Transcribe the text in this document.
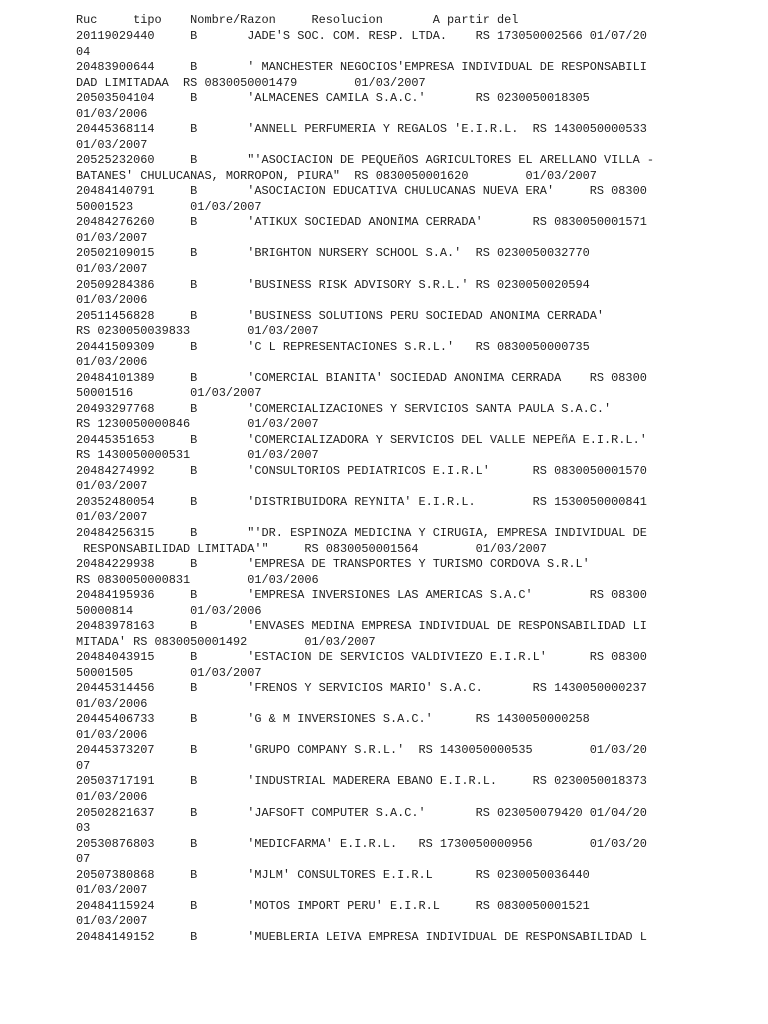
Ruc     tipo    Nombre/Razon     Resolucion       A partir del
20119029440     B       JADE'S SOC. COM. RESP. LTDA.    RS 173050002566 01/07/20
04
20483900644     B       ' MANCHESTER NEGOCIOS'EMPRESA INDIVIDUAL DE RESPONSABILI
DAD LIMITADAA  RS 0830050001479        01/03/2007
20503504104     B       'ALMACENES CAMILA S.A.C.'       RS 0230050018305
01/03/2006
20445368114     B       'ANNELL PERFUMERIA Y REGALOS 'E.I.R.L.  RS 1430050000533
01/03/2007
20525232060     B       "'ASOCIACION DE PEQUEñOS AGRICULTORES EL ARELLANO VILLA -
BATANES' CHULUCANAS, MORROPON, PIURA"  RS 0830050001620        01/03/2007
20484140791     B       'ASOCIACION EDUCATIVA CHULUCANAS NUEVA ERA'     RS 08300
50001523        01/03/2007
20484276260     B       'ATIKUX SOCIEDAD ANONIMA CERRADA'       RS 0830050001571
01/03/2007
20502109015     B       'BRIGHTON NURSERY SCHOOL S.A.'  RS 0230050032770
01/03/2007
20509284386     B       'BUSINESS RISK ADVISORY S.R.L.' RS 0230050020594
01/03/2006
20511456828     B       'BUSINESS SOLUTIONS PERU SOCIEDAD ANONIMA CERRADA'
RS 0230050039833        01/03/2007
20441509309     B       'C L REPRESENTACIONES S.R.L.'   RS 0830050000735
01/03/2006
20484101389     B       'COMERCIAL BIANITA' SOCIEDAD ANONIMA CERRADA    RS 08300
50001516        01/03/2007
20493297768     B       'COMERCIALIZACIONES Y SERVICIOS SANTA PAULA S.A.C.'
RS 1230050000846        01/03/2007
20445351653     B       'COMERCIALIZADORA Y SERVICIOS DEL VALLE NEPEñA E.I.R.L.'
RS 1430050000531        01/03/2007
20484274992     B       'CONSULTORIOS PEDIATRICOS E.I.R.L'      RS 0830050001570
01/03/2007
20352480054     B       'DISTRIBUIDORA REYNITA' E.I.R.L.        RS 1530050000841
01/03/2007
20484256315     B       "'DR. ESPINOZA MEDICINA Y CIRUGIA, EMPRESA INDIVIDUAL DE
RESPONSABILIDAD LIMITADA'"     RS 0830050001564        01/03/2007
20484229938     B       'EMPRESA DE TRANSPORTES Y TURISMO CORDOVA S.R.L'
RS 0830050000831        01/03/2006
20484195936     B       'EMPRESA INVERSIONES LAS AMERICAS S.A.C'        RS 08300
50000814        01/03/2006
20483978163     B       'ENVASES MEDINA EMPRESA INDIVIDUAL DE RESPONSABILIDAD LI
MITADA' RS 0830050001492        01/03/2007
20484043915     B       'ESTACION DE SERVICIOS VALDIVIEZO E.I.R.L'      RS 08300
50001505        01/03/2007
20445314456     B       'FRENOS Y SERVICIOS MARIO' S.A.C.       RS 1430050000237
01/03/2006
20445406733     B       'G & M INVERSIONES S.A.C.'      RS 1430050000258
01/03/2006
20445373207     B       'GRUPO COMPANY S.R.L.'  RS 1430050000535        01/03/20
07
20503717191     B       'INDUSTRIAL MADERERA EBANO E.I.R.L.     RS 0230050018373
01/03/2006
20502821637     B       'JAFSOFT COMPUTER S.A.C.'       RS 023050079420 01/04/20
03
20530876803     B       'MEDICFARMA' E.I.R.L.   RS 1730050000956        01/03/20
07
20507380868     B       'MJLM' CONSULTORES E.I.R.L      RS 0230050036440
01/03/2007
20484115924     B       'MOTOS IMPORT PERU' E.I.R.L     RS 0830050001521
01/03/2007
20484149152     B       'MUEBLERIA LEIVA EMPRESA INDIVIDUAL DE RESPONSABILIDAD L
